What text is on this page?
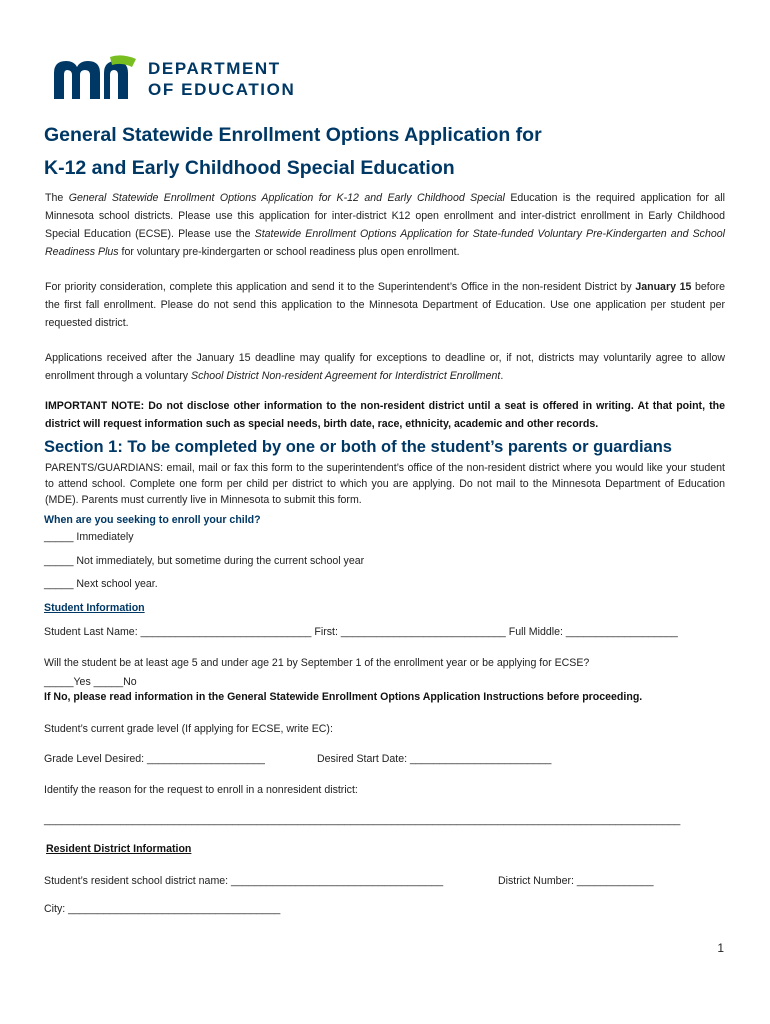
DEPARTMENT
OF EDUCATION
General Statewide Enrollment Options Application for
K-12 and Early Childhood Special Education
The General Statewide Enrollment Options Application for K-12 and Early Childhood Special Education is the required application for all Minnesota school districts. Please use this application for inter-district K12 open enrollment and inter-district enrollment in Early Childhood Special Education (ECSE). Please use the Statewide Enrollment Options Application for State-funded Voluntary Pre-Kindergarten and School Readiness Plus for voluntary pre-kindergarten or school readiness plus open enrollment.
For priority consideration, complete this application and send it to the Superintendent’s Office in the non-resident District by January 15 before the first fall enrollment. Please do not send this application to the Minnesota Department of Education. Use one application per student per requested district.
Applications received after the January 15 deadline may qualify for exceptions to deadline or, if not, districts may voluntarily agree to allow enrollment through a voluntary School District Non-resident Agreement for Interdistrict Enrollment.
IMPORTANT NOTE: Do not disclose other information to the non-resident district until a seat is offered in writing. At that point, the district will request information such as special needs, birth date, race, ethnicity, academic and other records.
Section 1: To be completed by one or both of the student’s parents or guardians
PARENTS/GUARDIANS: email, mail or fax this form to the superintendent’s office of the non-resident district where you would like your student to attend school. Complete one form per child per district to which you are applying. Do not mail to the Minnesota Department of Education (MDE). Parents must currently live in Minnesota to submit this form.
When are you seeking to enroll your child?
_____ Immediately
_____ Not immediately, but sometime during the current school year
_____ Next school year.
Student Information
Student Last Name: _____________________________ First: ____________________________ Full Middle: ___________________
Will the student be at least age 5 and under age 21 by September 1 of the enrollment year or be applying for ECSE?
_____Yes _____No
If No, please read information in the General Statewide Enrollment Options Application Instructions before proceeding.
Student’s current grade level (If applying for ECSE, write EC):
Grade Level Desired: ____________________	Desired Start Date: ________________________
Identify the reason for the request to enroll in a nonresident district:
____________________________________________________________________________________________________________
Resident District Information
Student’s resident school district name: ____________________________________	District Number: _____________
City: ____________________________________
1
